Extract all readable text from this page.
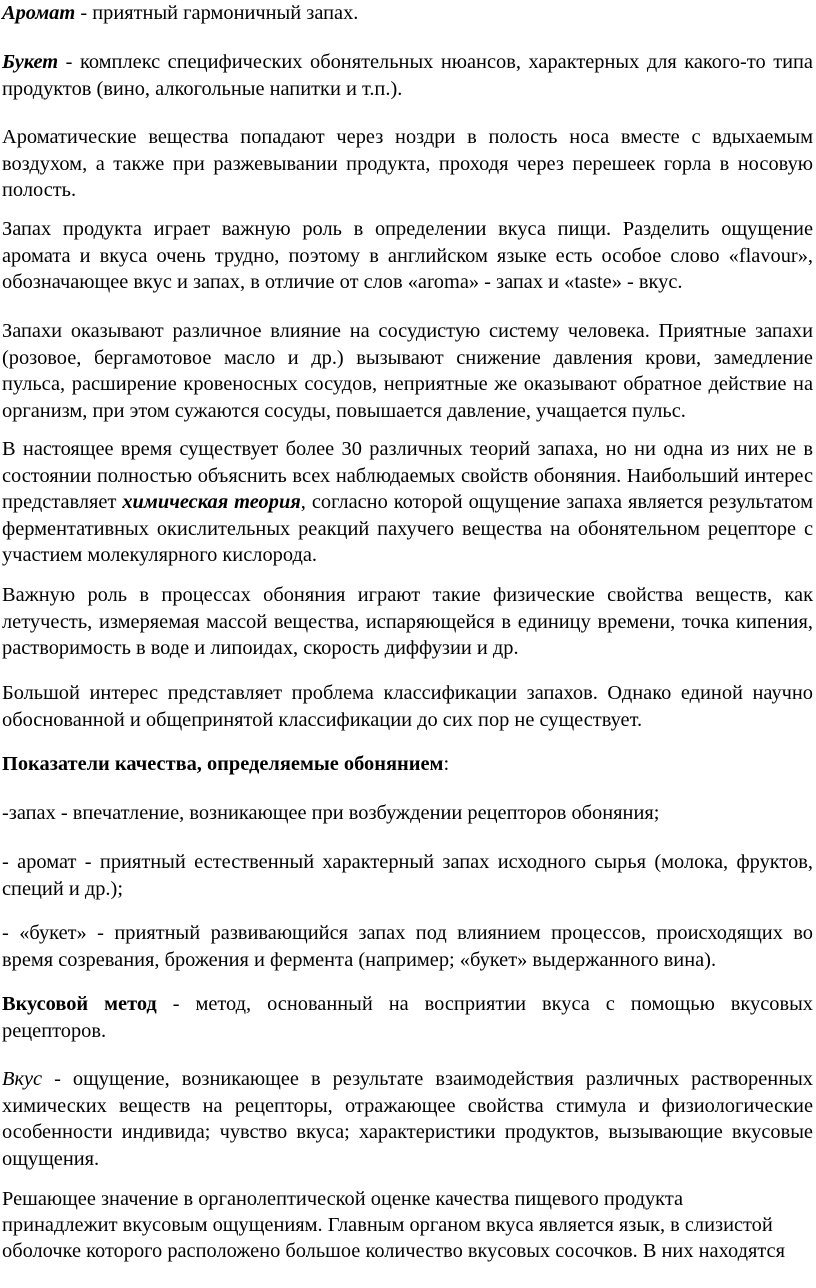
Аромат - приятный гармоничный запах.

Букет - комплекс специфических обонятельных нюансов, характерных для какого-то типа продуктов (вино, алкогольные напитки и т.п.).

Ароматические вещества попадают через ноздри в полость носа вместе с вдыхаемым воздухом, а также при разжевывании продукта, проходя через перешеек горла в носовую полость.

Запах продукта играет важную роль в определении вкуса пищи. Разделить ощущение аромата и вкуса очень трудно, поэтому в английском языке есть особое слово «flavour», обозначающее вкус и запах, в отличие от слов «aroma» - запах и «taste» - вкус.

Запахи оказывают различное влияние на сосудистую систему человека. Приятные запахи (розовое, бергамотовое масло и др.) вызывают снижение давления крови, замедление пульса, расширение кровеносных сосудов, неприятные же оказывают обратное действие на организм, при этом сужаются сосуды, повышается давление, учащается пульс.

В настоящее время существует более 30 различных теорий запаха, но ни одна из них не в состоянии полностью объяснить всех наблюдаемых свойств обоняния. Наибольший интерес представляет химическая теория, согласно которой ощущение запаха является результатом ферментативных окислительных реакций пахучего вещества на обонятельном рецепторе с участием молекулярного кислорода.

Важную роль в процессах обоняния играют такие физические свойства веществ, как летучесть, измеряемая массой вещества, испаряющейся в единицу времени, точка кипения, растворимость в воде и липоидах, скорость диффузии и др.

Большой интерес представляет проблема классификации запахов. Однако единой научно обоснованной и общепринятой классификации до сих пор не существует.

Показатели качества, определяемые обонянием:

-запах - впечатление, возникающее при возбуждении рецепторов обоняния;

- аромат - приятный естественный характерный запах исходного сырья (молока, фруктов, специй и др.);

- «букет» - приятный развивающийся запах под влиянием процессов, происходящих во время созревания, брожения и фермента (например; «букет» выдержанного вина).

Вкусовой метод - метод, основанный на восприятии вкуса с помощью вкусовых рецепторов.

Вкус - ощущение, возникающее в результате взаимодействия различных растворенных химических веществ на рецепторы, отражающее свойства стимула и физиологические особенности индивида; чувство вкуса; характеристики продуктов, вызывающие вкусовые ощущения.

Решающее значение в органолептической оценке качества пищевого продукта

принадлежит вкусовым ощущениям. Главным органом вкуса является язык, в слизистой

оболочке которого расположено большое количество вкусовых сосочков. В них находятся
